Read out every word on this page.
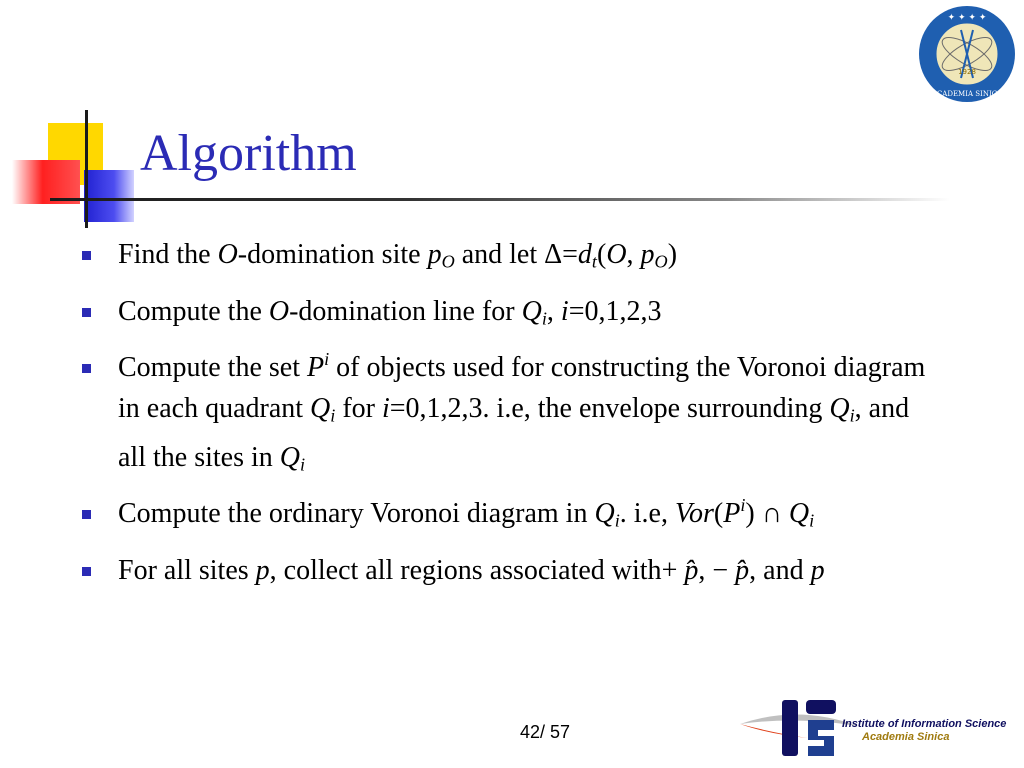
Algorithm
✦ ✦ ✦ ✦
1928
ACADEMIA SINICA
Find the O-domination site $p_O$ and let $\Delta=d_t(O$, $p_O$)
Compute the O-domination line for $Q_i$, i=0,1,2,3
Compute the set $P^i$ of objects used for constructing the Voronoi diagram in each quadrant $Q_i$ for i=0,1,2,3. i.e, the envelope surrounding $Q_i$, and all the sites in $Q_i$
Compute the ordinary Voronoi diagram in $Q_i$. i.e, $Vor(P^i)$ ∩ $Q_i$
For all sites p, collect all regions associated with+ p̂, − p̂, and p
42/ 57	Institute of Information Science
Academia Sinica
